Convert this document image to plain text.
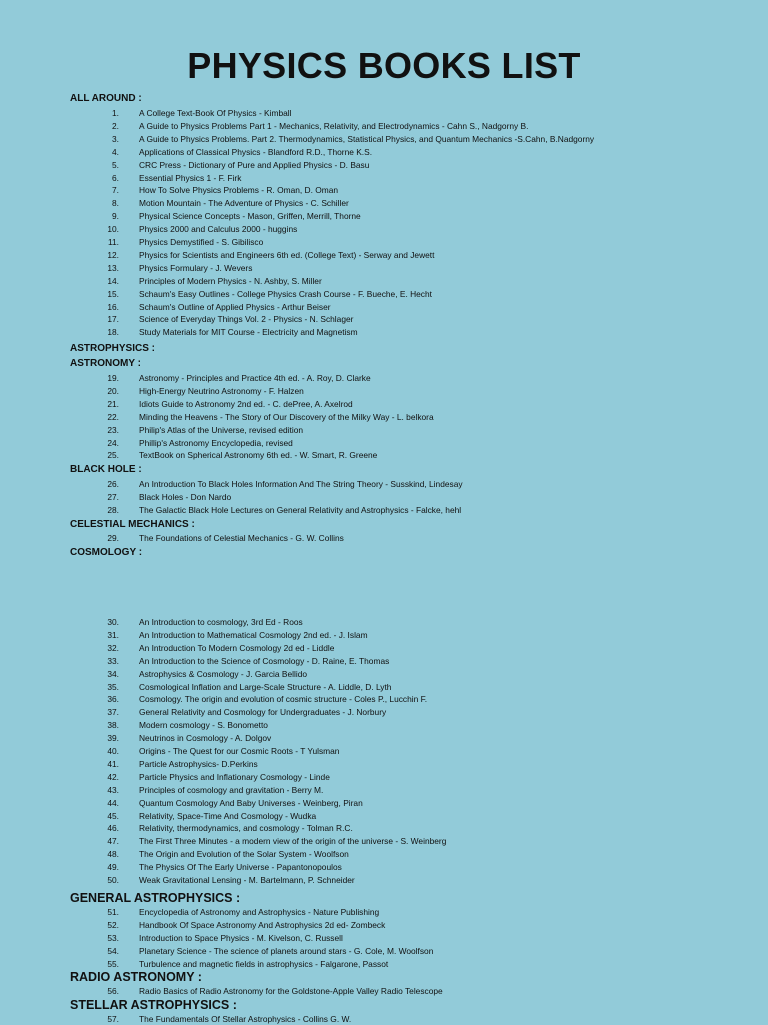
PHYSICS BOOKS LIST
ALL AROUND :
1. A College Text-Book Of Physics - Kimball
2. A Guide to Physics Problems Part 1 - Mechanics, Relativity, and Electrodynamics - Cahn S., Nadgorny B.
3. A Guide to Physics Problems. Part 2. Thermodynamics, Statistical Physics, and Quantum Mechanics -S.Cahn, B.Nadgorny
4. Applications of Classical Physics - Blandford R.D., Thorne K.S.
5. CRC Press - Dictionary of Pure and Applied Physics - D. Basu
6. Essential Physics 1 - F. Firk
7. How To Solve Physics Problems - R. Oman, D. Oman
8. Motion Mountain - The Adventure of Physics - C. Schiller
9. Physical Science Concepts - Mason, Griffen, Merrill, Thorne
10. Physics 2000 and Calculus 2000 - huggins
11. Physics Demystified - S. Gibilisco
12. Physics for Scientists and Engineers 6th ed. (College Text) - Serway and Jewett
13. Physics Formulary - J. Wevers
14. Principles of Modern Physics - N. Ashby, S. Miller
15. Schaum's Easy Outlines - College Physics Crash Course - F. Bueche, E. Hecht
16. Schaum's Outline of Applied Physics - Arthur Beiser
17. Science of Everyday Things Vol. 2 - Physics - N. Schlager
18. Study Materials for MIT Course - Electricity and Magnetism
ASTROPHYSICS :
ASTRONOMY :
19. Astronomy - Principles and Practice 4th ed. - A. Roy, D. Clarke
20. High-Energy Neutrino Astronomy - F. Halzen
21. Idiots Guide to Astronomy 2nd ed. - C. dePree, A. Axelrod
22. Minding the Heavens - The Story of Our Discovery of the Milky Way - L. belkora
23. Philip's Atlas of the Universe, revised edition
24. Phillip's Astronomy Encyclopedia, revised
25. TextBook on Spherical Astronomy 6th ed. - W. Smart, R. Greene
BLACK HOLE :
26. An Introduction To Black Holes Information And The String Theory - Susskind, Lindesay
27. Black Holes - Don Nardo
28. The Galactic Black Hole Lectures on General Relativity and Astrophysics - Falcke, hehl
CELESTIAL MECHANICS :
29. The Foundations of Celestial Mechanics - G. W. Collins
COSMOLOGY :
30. An Introduction to cosmology, 3rd Ed - Roos
31. An Introduction to Mathematical Cosmology 2nd ed. - J. Islam
32. An Introduction To Modern Cosmology 2d ed - Liddle
33. An Introduction to the Science of Cosmology - D. Raine, E. Thomas
34. Astrophysics & Cosmology - J. Garcia Bellido
35. Cosmological Inflation and Large-Scale Structure - A. Liddle, D. Lyth
36. Cosmology. The origin and evolution of cosmic structure - Coles P., Lucchin F.
37. General Relativity and Cosmology for Undergraduates - J. Norbury
38. Modern cosmology - S. Bonometto
39. Neutrinos in Cosmology - A. Dolgov
40. Origins - The Quest for our Cosmic Roots - T Yulsman
41. Particle Astrophysics- D.Perkins
42. Particle Physics and Inflationary Cosmology - Linde
43. Principles of cosmology and gravitation - Berry M.
44. Quantum Cosmology And Baby Universes - Weinberg, Piran
45. Relativity, Space-Time And Cosmology - Wudka
46. Relativity, thermodynamics, and cosmology - Tolman R.C.
47. The First Three Minutes - a modern view of the origin of the universe - S. Weinberg
48. The Origin and Evolution of the Solar System - Woolfson
49. The Physics Of The Early Universe - Papantonopoulos
50. Weak Gravitational Lensing - M. Bartelmann, P. Schneider
GENERAL ASTROPHYSICS :
51. Encyclopedia of Astronomy and Astrophysics - Nature Publishing
52. Handbook Of Space Astronomy And Astrophysics 2d ed- Zombeck
53. Introduction to Space Physics - M. Kivelson, C. Russell
54. Planetary Science - The science of planets around stars - G. Cole, M. Woolfson
55. Turbulence and magnetic fields in astrophysics - Falgarone, Passot
RADIO ASTRONOMY :
56. Radio Basics of Radio Astronomy for the Goldstone-Apple Valley Radio Telescope
STELLAR ASTROPHYSICS :
57. The Fundamentals Of Stellar Astrophysics - Collins G. W.
